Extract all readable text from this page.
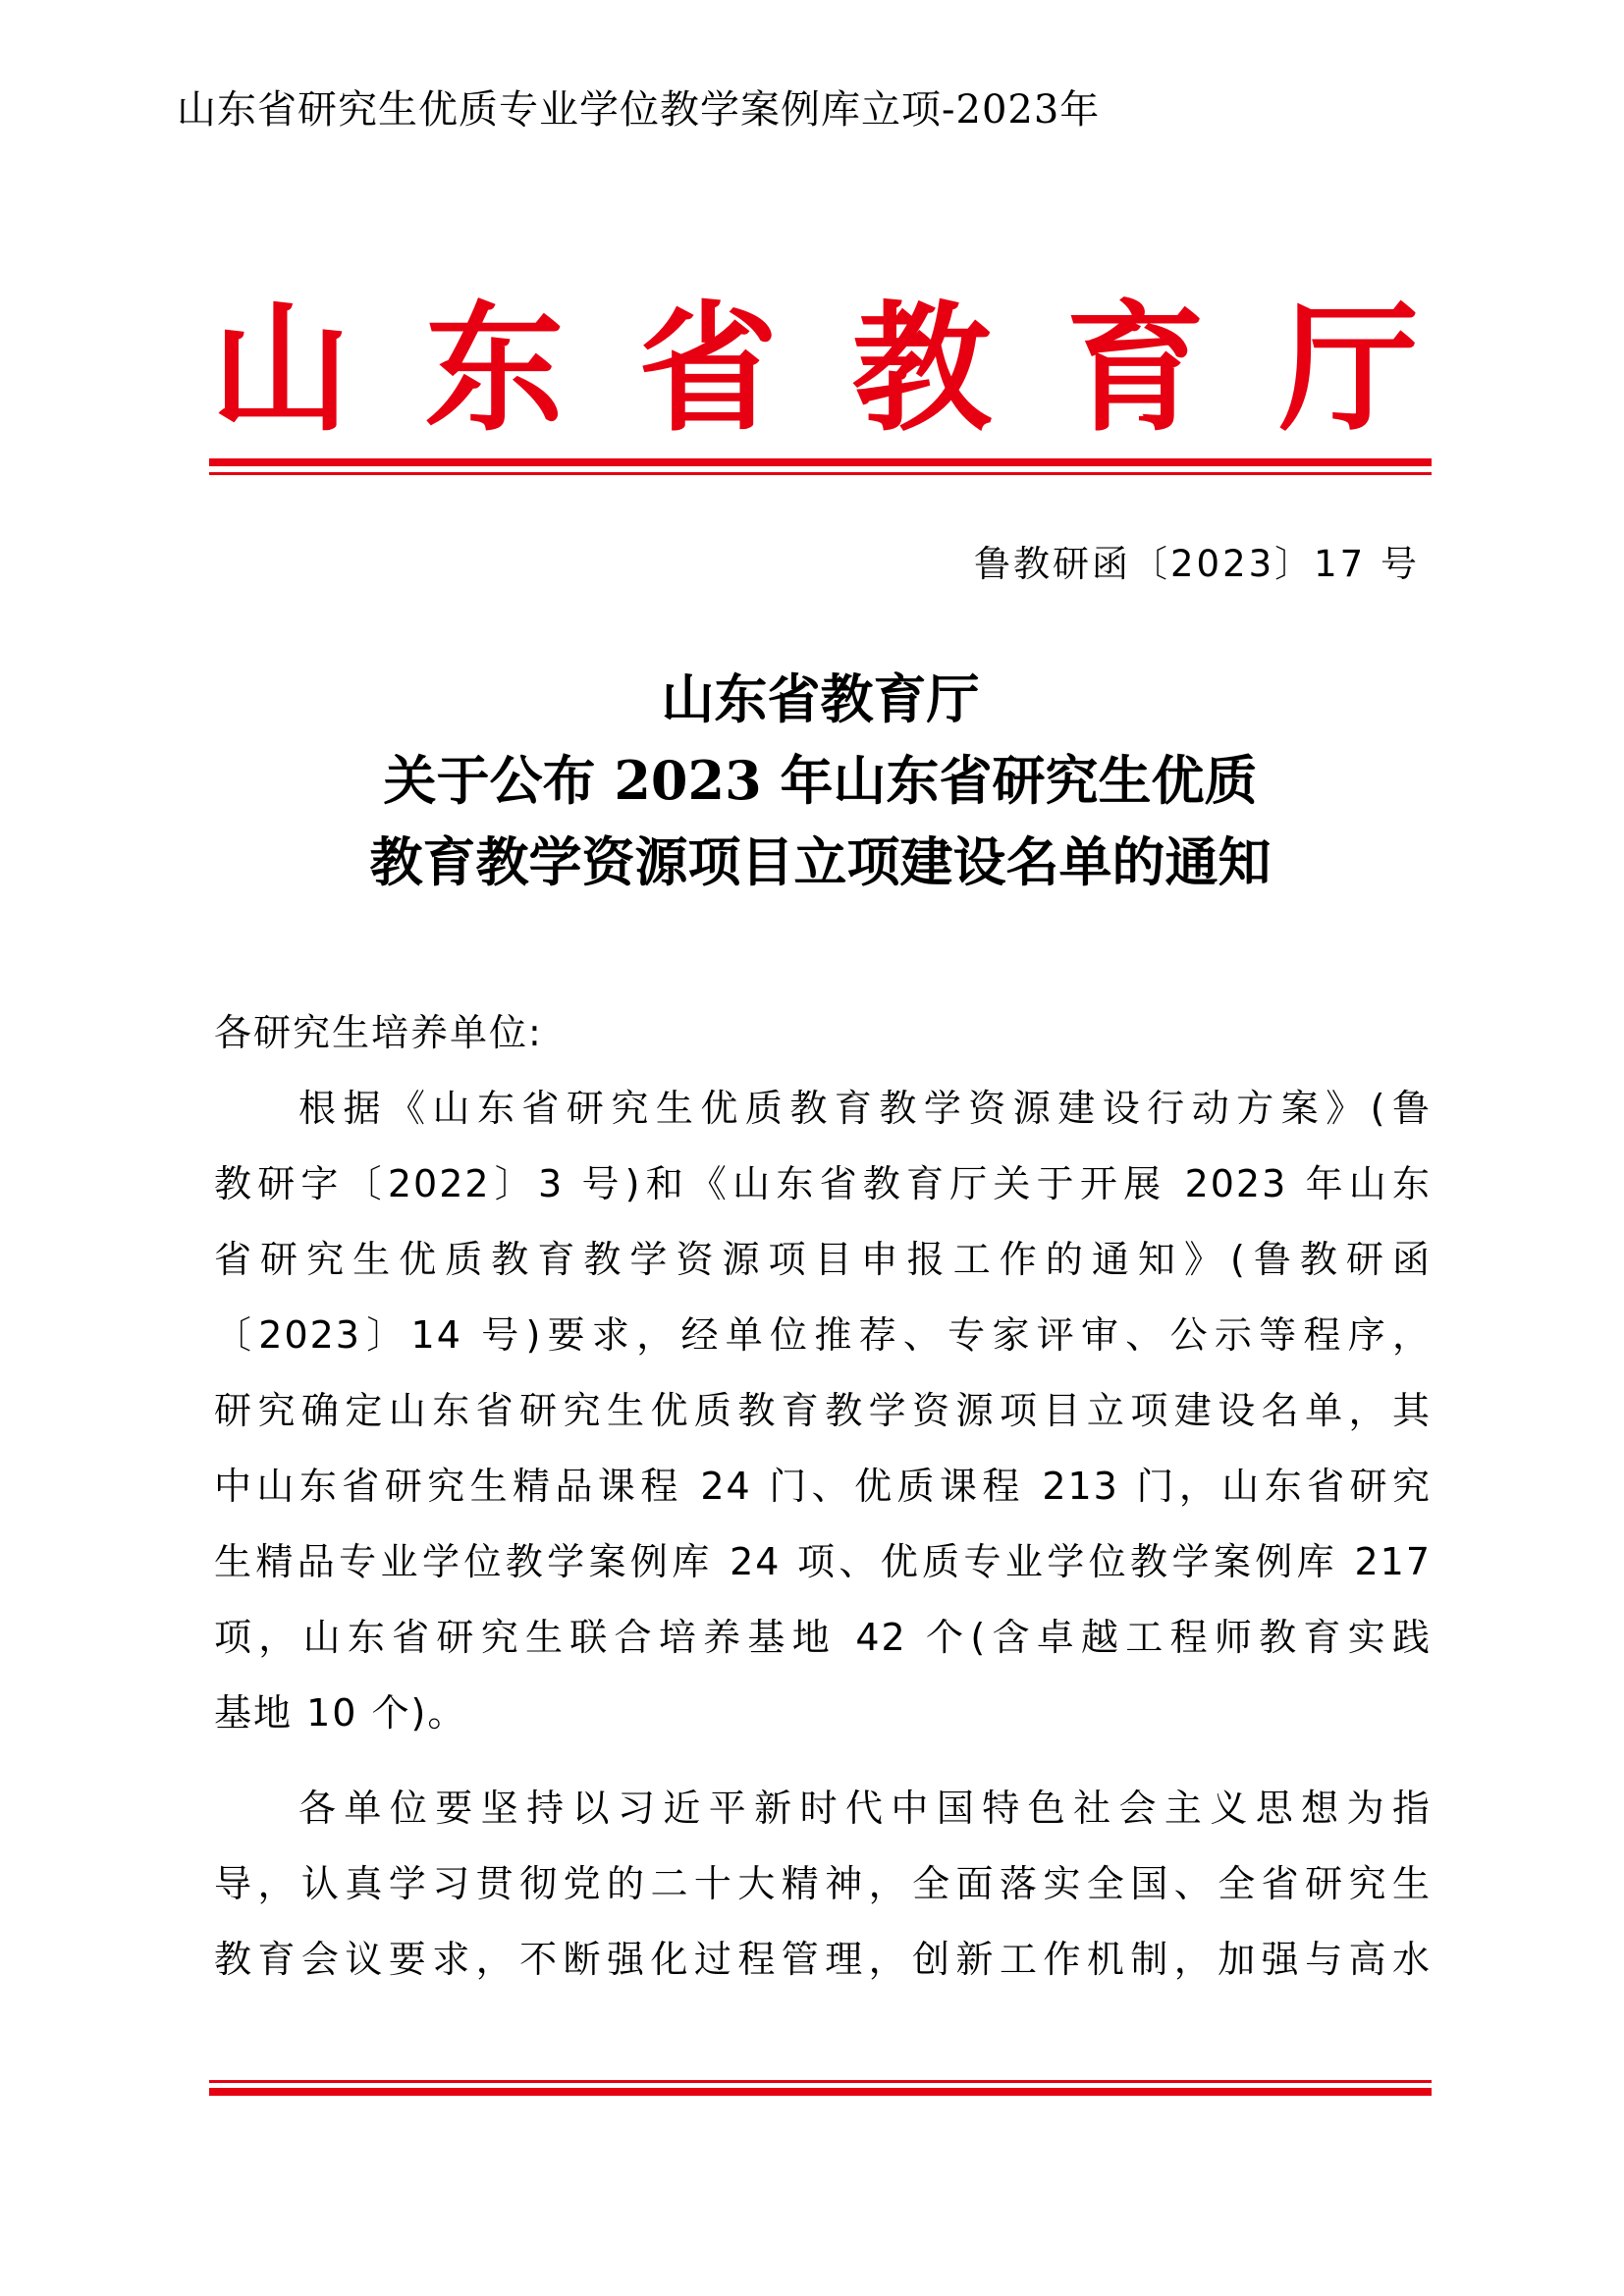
山东省研究生优质专业学位教学案例库立项-2023年
山 东 省 教 育 厅
鲁教研函〔2023〕17 号
山东省教育厅
关于公布 2023 年山东省研究生优质
教育教学资源项目立项建设名单的通知
各研究生培养单位:
根据《山东省研究生优质教育教学资源建设行动方案》(鲁
教研字〔2022〕3 号)和《山东省教育厅关于开展 2023 年山东
省研究生优质教育教学资源项目申报工作的通知》(鲁教研函
〔2023〕14 号)要求，经单位推荐、专家评审、公示等程序，
研究确定山东省研究生优质教育教学资源项目立项建设名单，其
中山东省研究生精品课程 24 门、优质课程 213 门，山东省研究
生精品专业学位教学案例库 24 项、优质专业学位教学案例库 217
项，山东省研究生联合培养基地 42 个(含卓越工程师教育实践
基地 10 个)。
各单位要坚持以习近平新时代中国特色社会主义思想为指
导，认真学习贯彻党的二十大精神，全面落实全国、全省研究生
教育会议要求，不断强化过程管理，创新工作机制，加强与高水
